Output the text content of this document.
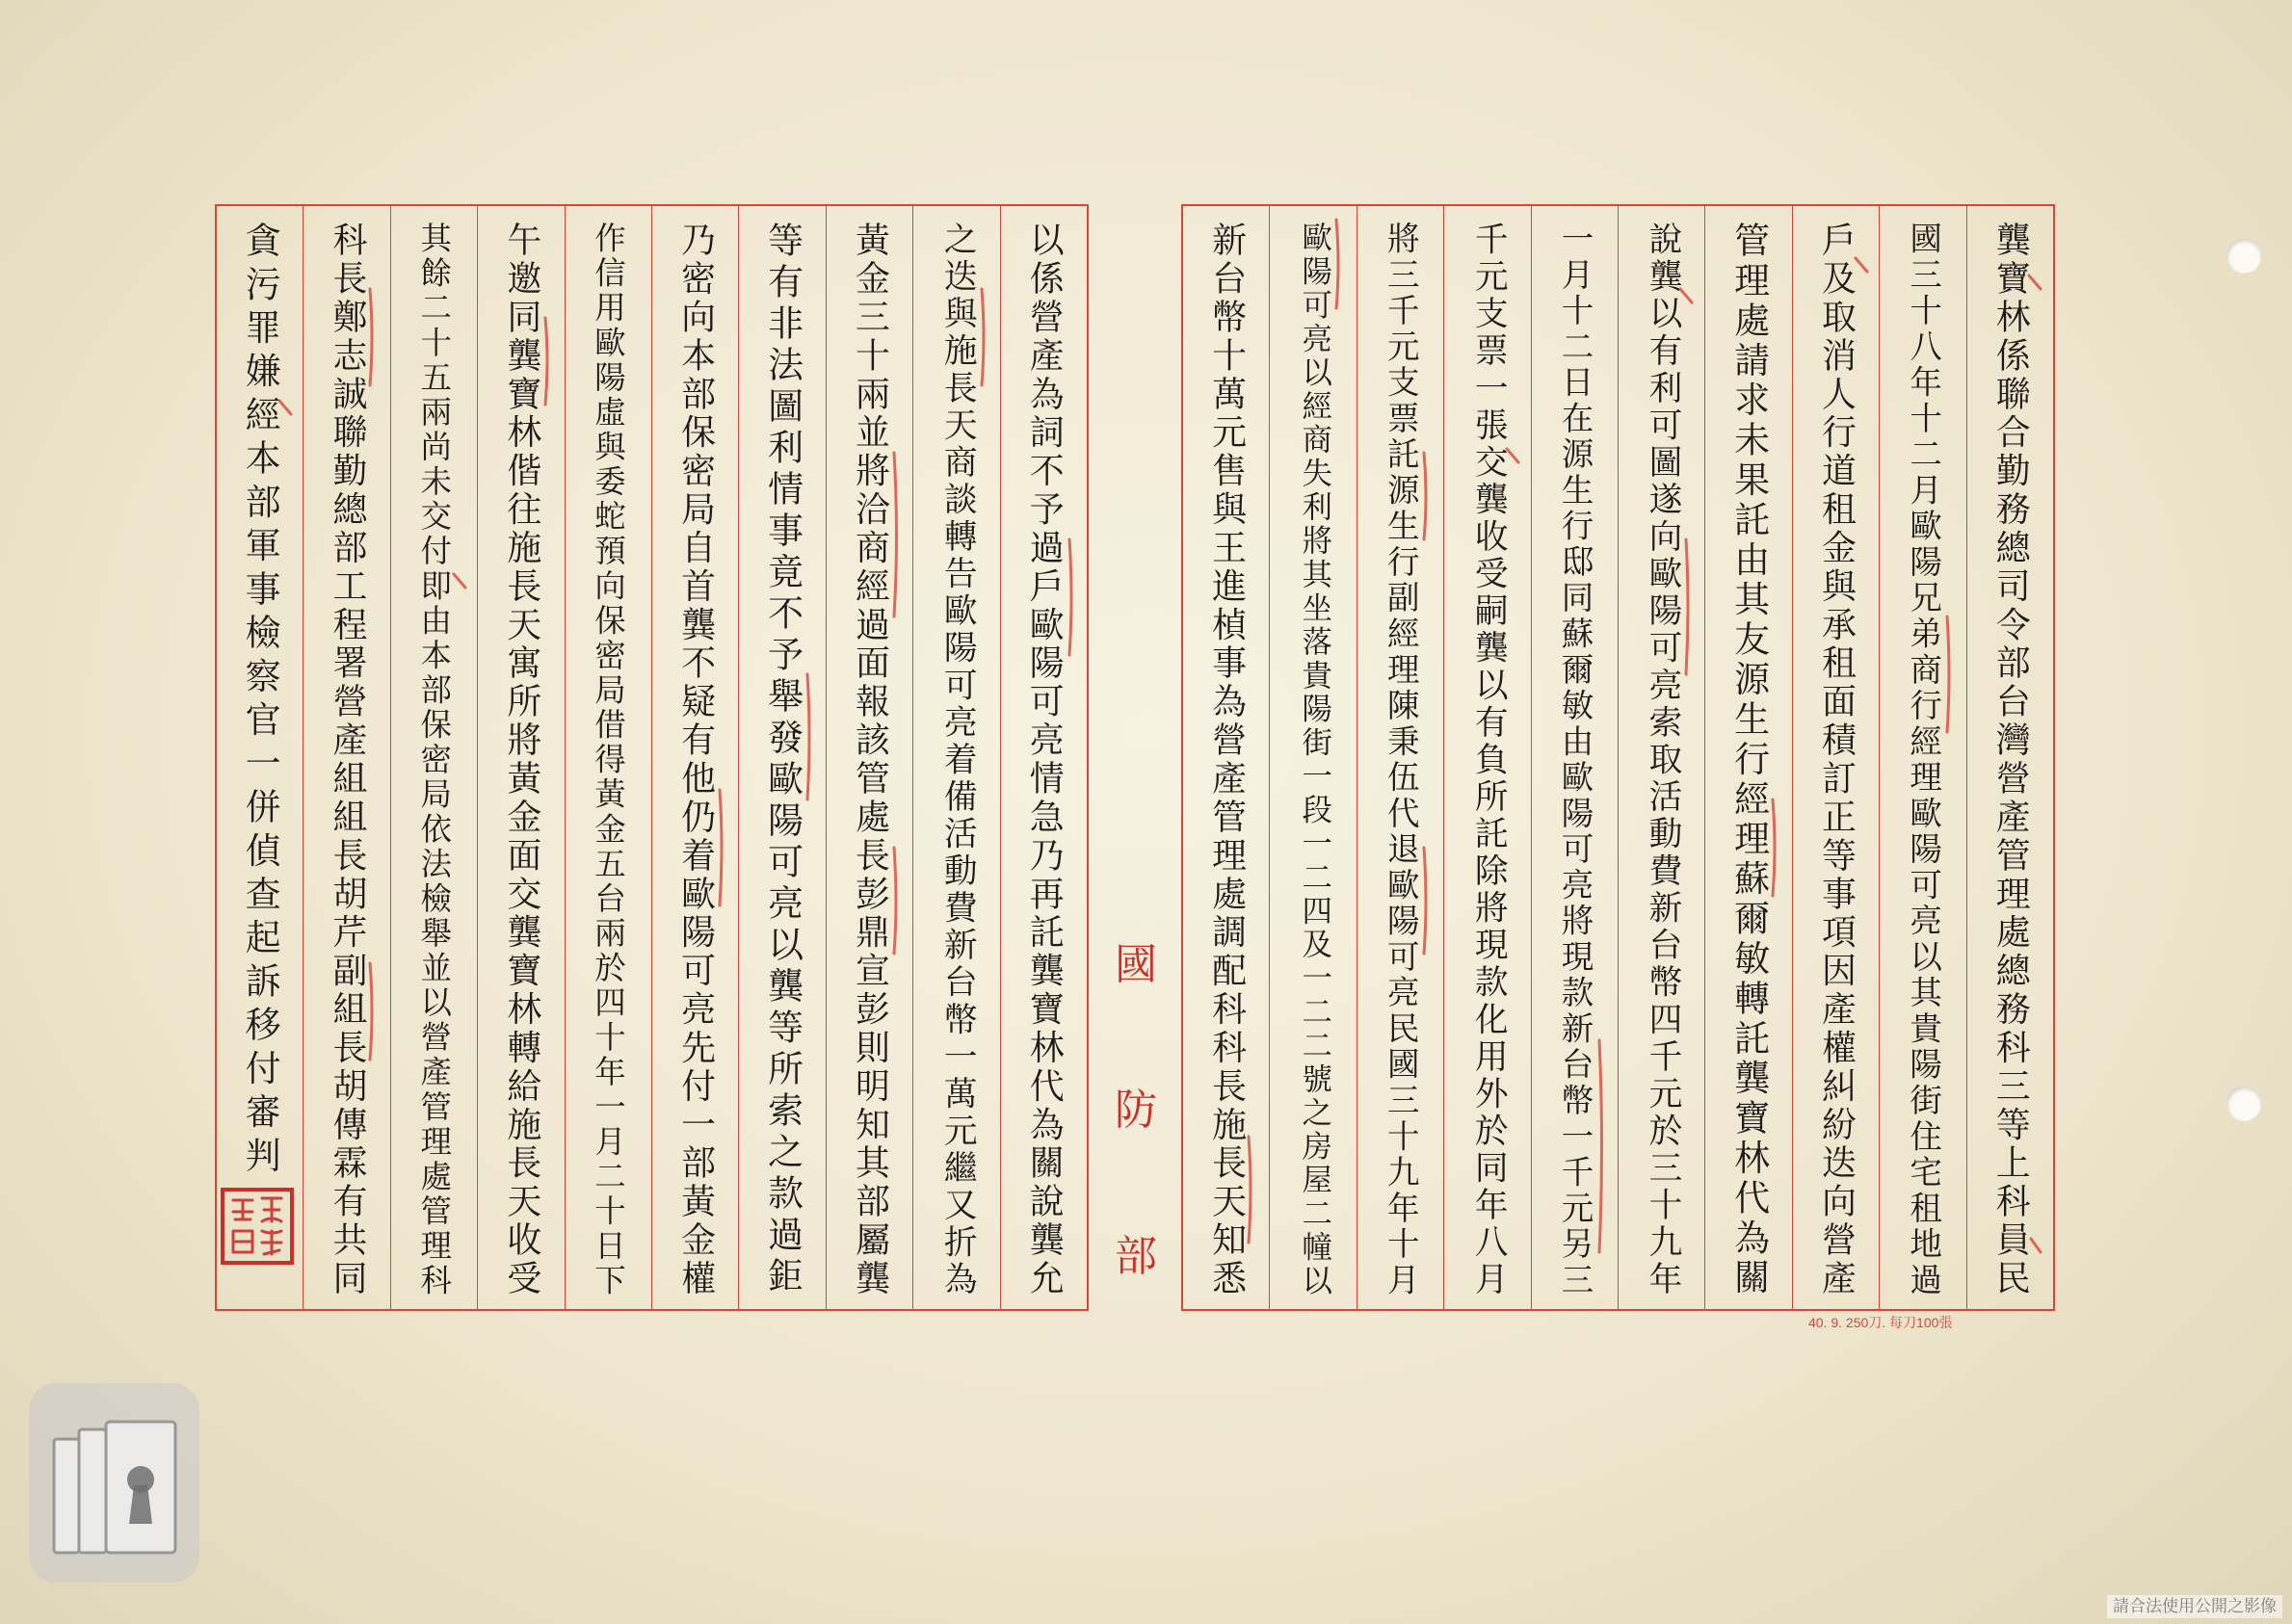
龔寶林係聯合勤務總司令部台灣營產管理處總務科三等上科員民
國三十八年十二月歐陽兄弟商行經理歐陽可亮以其貴陽街住宅租地過
戶及取消人行道租金與承租面積訂正等事項因產權糾紛迭向營產
管理處請求未果託由其友源生行經理蘇爾敏轉託龔寶林代為關
說龔以有利可圖遂向歐陽可亮索取活動費新台幣四千元於三十九年
一月十二日在源生行邸同蘇爾敏由歐陽可亮將現款新台幣一千元另三
千元支票一張交龔收受嗣龔以有負所託除將現款化用外於同年八月
將三千元支票託源生行副經理陳秉伍代退歐陽可亮民國三十九年十月
歐陽可亮以經商失利將其坐落貴陽街一段一二四及一二二號之房屋二幢以
新台幣十萬元售與王進楨事為營產管理處調配科科長施長天知悉
以係營產為詞不予過戶歐陽可亮情急乃再託龔寶林代為關說龔允
之迭與施長天商談轉告歐陽可亮着備活動費新台幣一萬元繼又折為
黃金三十兩並將洽商經過面報該管處長彭鼎宣彭則明知其部屬龔
等有非法圖利情事竟不予舉發歐陽可亮以龔等所索之款過鉅
乃密向本部保密局自首龔不疑有他仍着歐陽可亮先付一部黃金權
作信用歐陽虛與委蛇預向保密局借得黃金五台兩於四十年一月二十日下
午邀同龔寶林偕往施長天寓所將黃金面交龔寶林轉給施長天收受
其餘二十五兩尚未交付即由本部保密局依法檢舉並以營產管理處管理科
科長鄭志誠聯勤總部工程署營產組組長胡芹副組長胡傳霖有共同
貪污罪嫌經本部軍事檢察官一併偵查起訴移付審判	國
防
部
40. 9. 250刀. 每刀100張
請合法使用公開之影像
